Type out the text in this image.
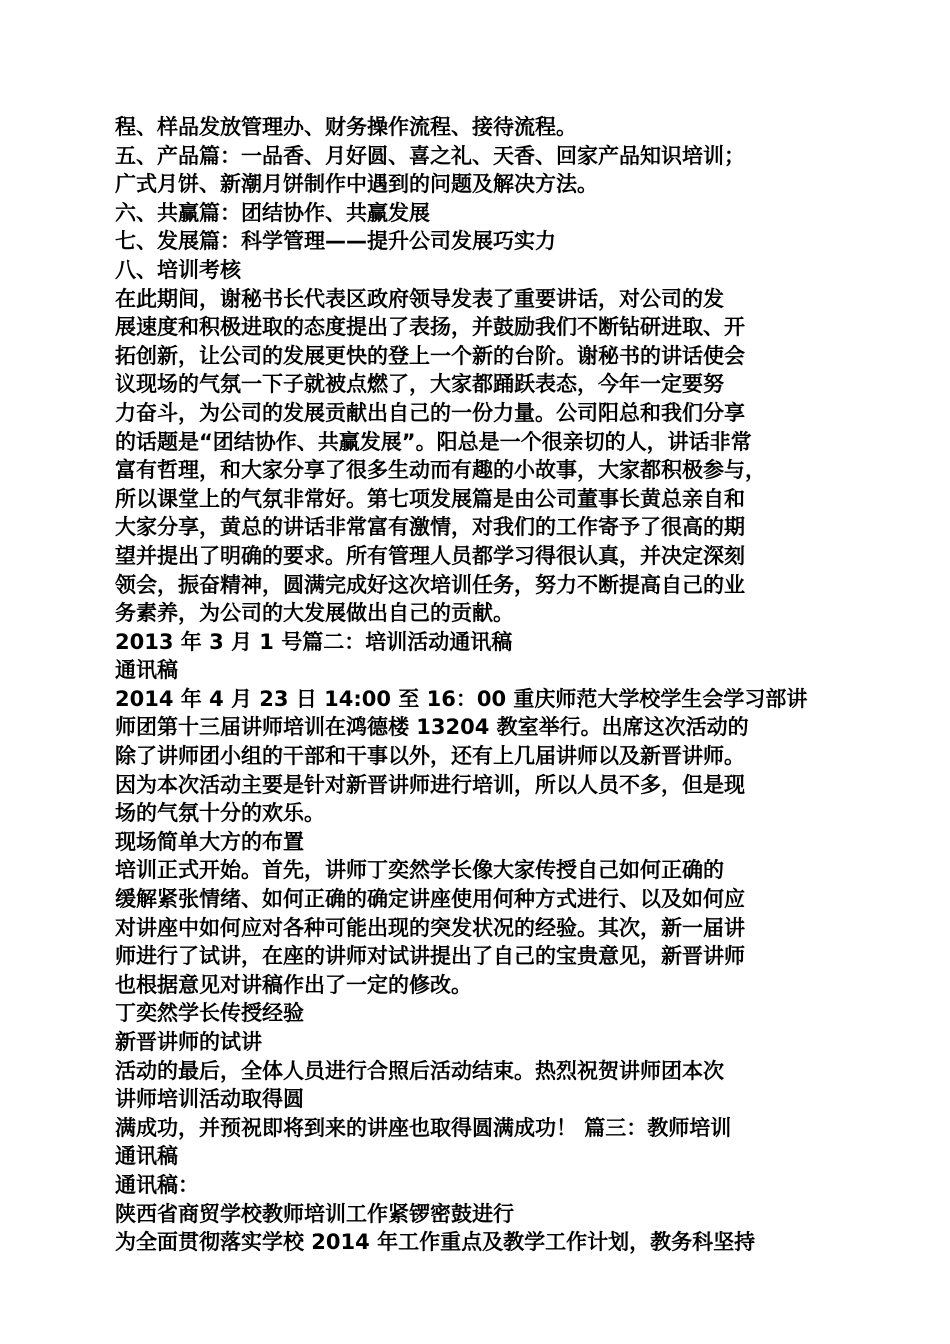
程、样品发放管理办、财务操作流程、接待流程。
五、产品篇：一品香、月好圆、喜之礼、天香、回家产品知识培训；
广式月饼、新潮月饼制作中遇到的问题及解决方法。
六、共赢篇：团结协作、共赢发展
七、发展篇：科学管理——提升公司发展巧实力
八、培训考核
在此期间，谢秘书长代表区政府领导发表了重要讲话，对公司的发
展速度和积极进取的态度提出了表扬，并鼓励我们不断钻研进取、开
拓创新，让公司的发展更快的登上一个新的台阶。谢秘书的讲话使会
议现场的气氛一下子就被点燃了，大家都踊跃表态，今年一定要努
力奋斗，为公司的发展贡献出自己的一份力量。公司阳总和我们分享
的话题是“团结协作、共赢发展”。阳总是一个很亲切的人，讲话非常
富有哲理，和大家分享了很多生动而有趣的小故事，大家都积极参与，
所以课堂上的气氛非常好。第七项发展篇是由公司董事长黄总亲自和
大家分享，黄总的讲话非常富有激情，对我们的工作寄予了很高的期
望并提出了明确的要求。所有管理人员都学习得很认真，并决定深刻
领会，振奋精神，圆满完成好这次培训任务，努力不断提高自己的业
务素养，为公司的大发展做出自己的贡献。
2013 年 3 月 1 号篇二：培训活动通讯稿
通讯稿
2014 年 4 月 23 日 14:00 至 16：00 重庆师范大学校学生会学习部讲
师团第十三届讲师培训在鸿德楼 13204 教室举行。出席这次活动的
除了讲师团小组的干部和干事以外，还有上几届讲师以及新晋讲师。
因为本次活动主要是针对新晋讲师进行培训，所以人员不多，但是现
场的气氛十分的欢乐。
现场简单大方的布置
培训正式开始。首先，讲师丁奕然学长像大家传授自己如何正确的
缓解紧张情绪、如何正确的确定讲座使用何种方式进行、以及如何应
对讲座中如何应对各种可能出现的突发状况的经验。其次，新一届讲
师进行了试讲，在座的讲师对试讲提出了自己的宝贵意见，新晋讲师
也根据意见对讲稿作出了一定的修改。
丁奕然学长传授经验
新晋讲师的试讲
活动的最后，全体人员进行合照后活动结束。热烈祝贺讲师团本次
讲师培训活动取得圆
满成功，并预祝即将到来的讲座也取得圆满成功！ 篇三：教师培训
通讯稿
通讯稿：
陕西省商贸学校教师培训工作紧锣密鼓进行
为全面贯彻落实学校 2014 年工作重点及教学工作计划，教务科坚持
